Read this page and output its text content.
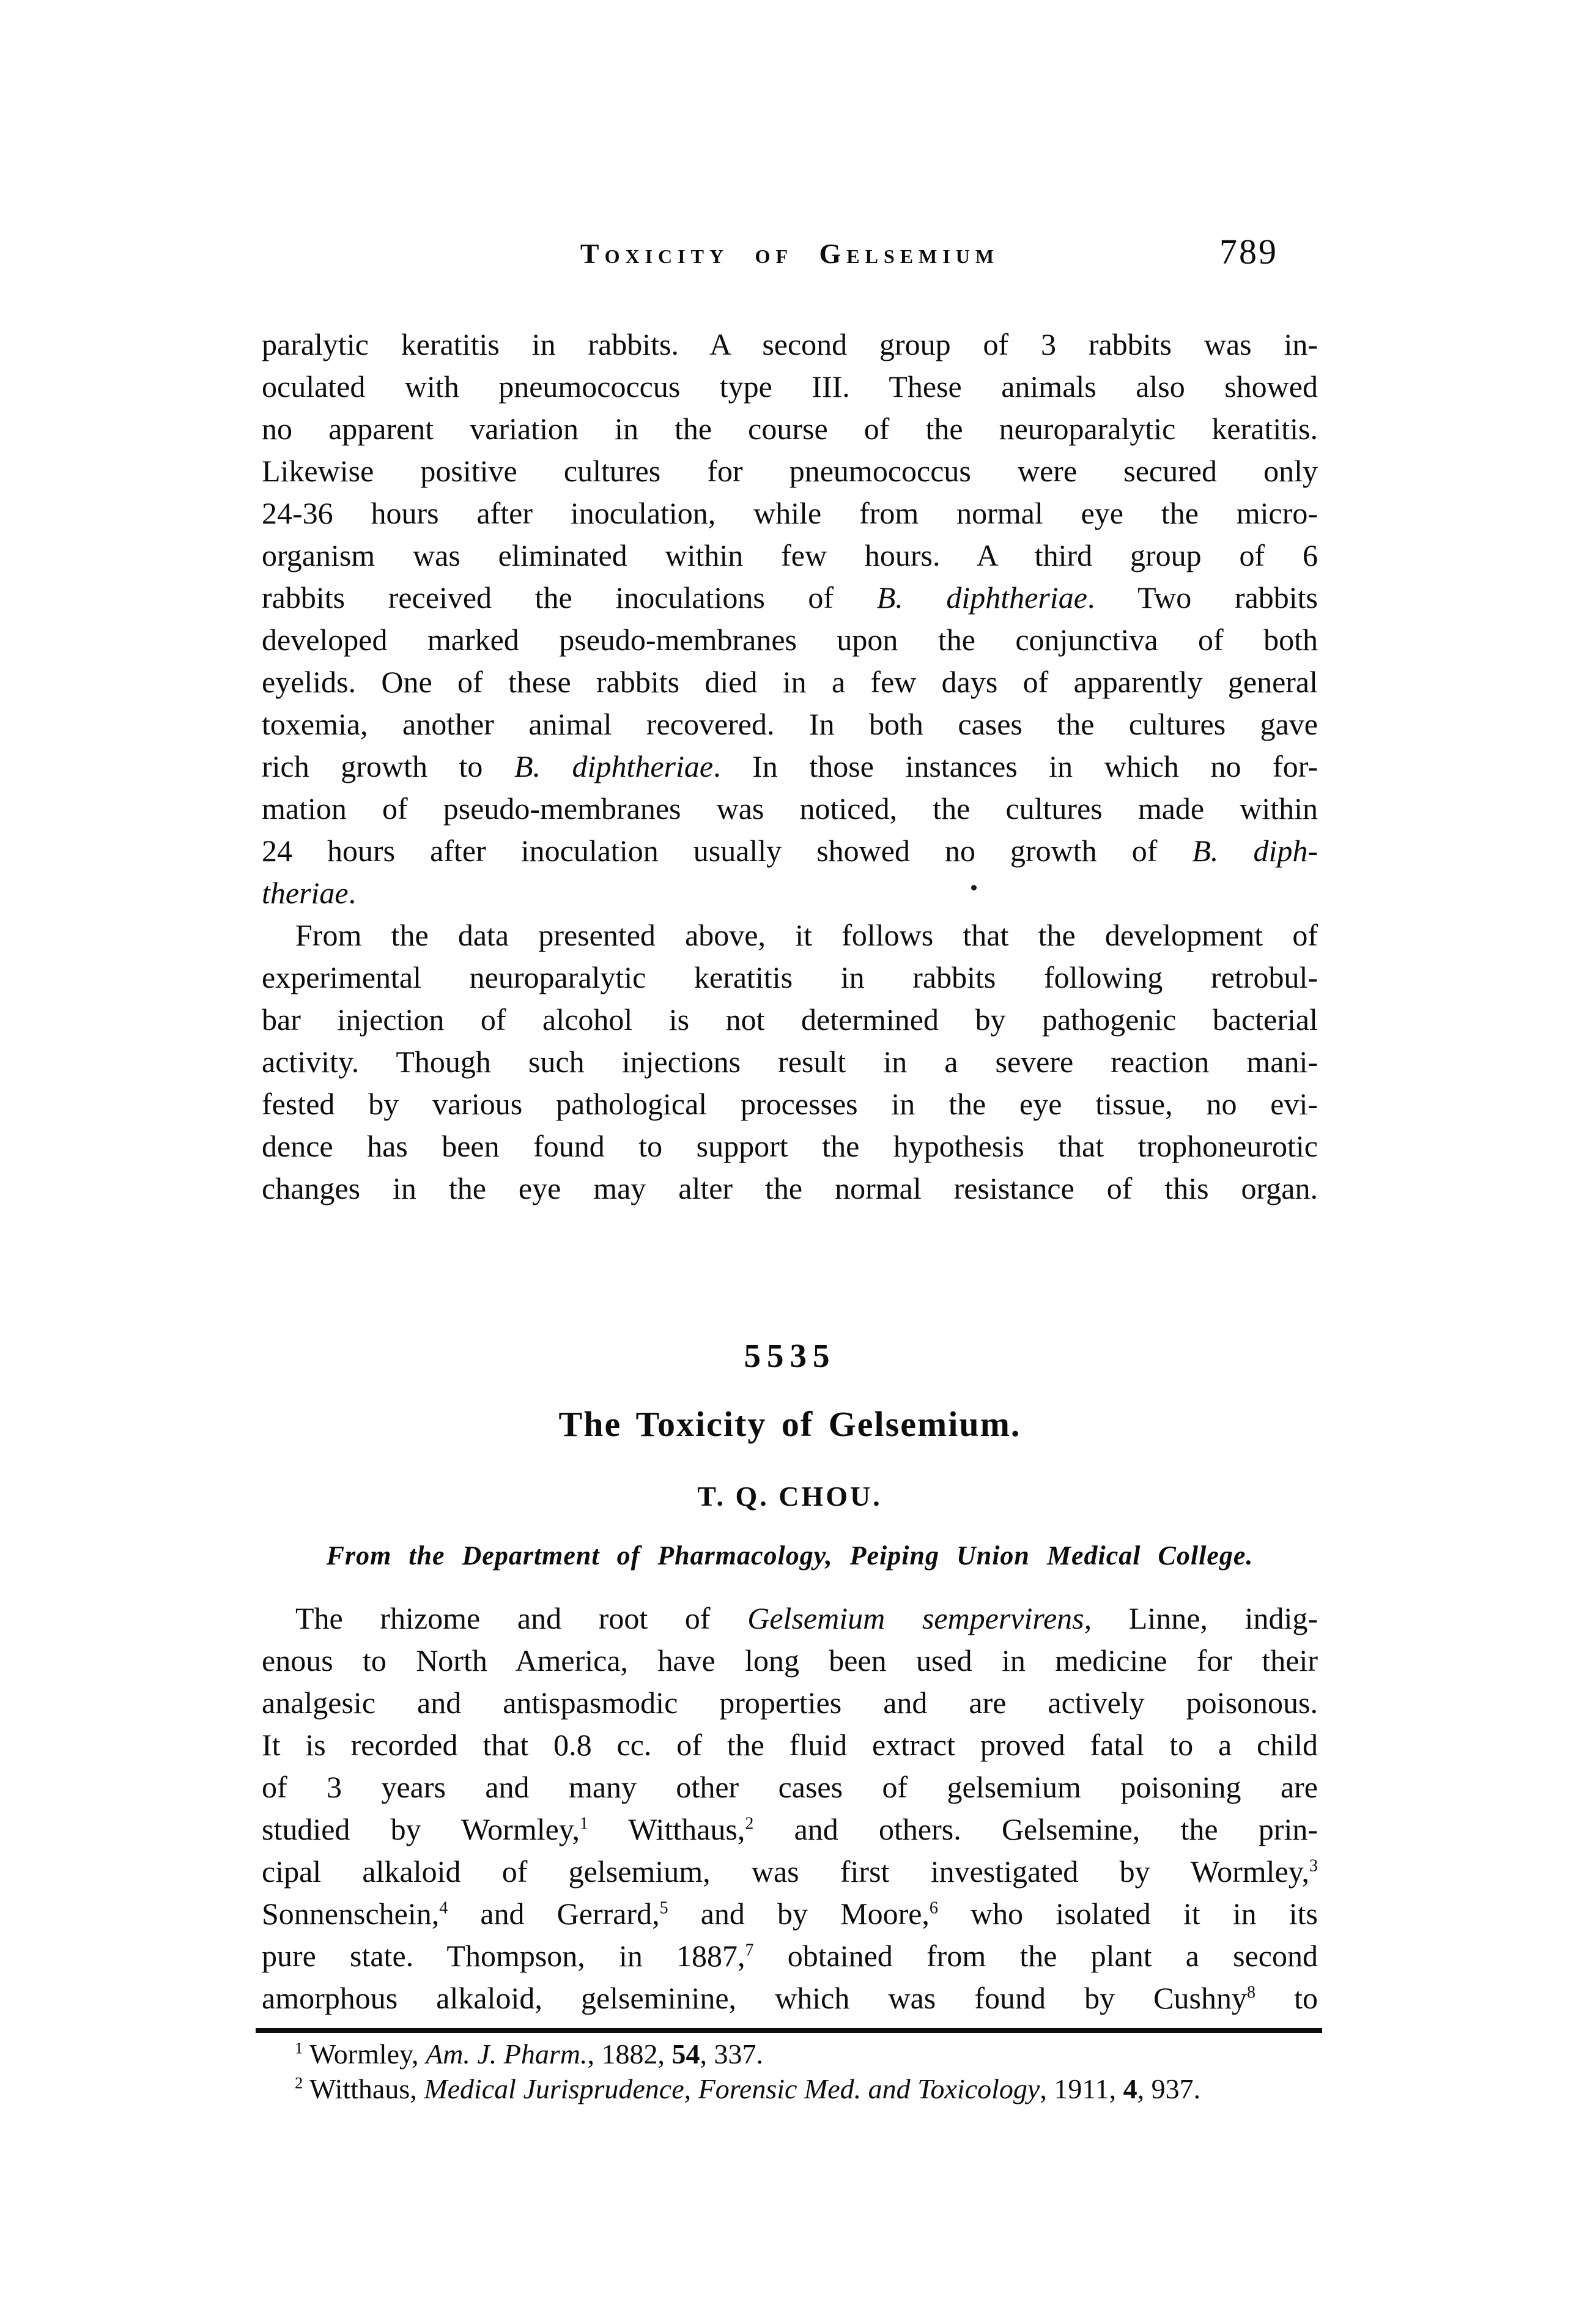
Toxicity of Gelsemium	789
paralytic keratitis in rabbits. A second group of 3 rabbits was in-
oculated with pneumococcus type III. These animals also showed
no apparent variation in the course of the neuroparalytic keratitis.
Likewise positive cultures for pneumococcus were secured only
24-36 hours after inoculation, while from normal eye the micro-
organism was eliminated within few hours. A third group of 6
rabbits received the inoculations of B. diphtheriae. Two rabbits
developed marked pseudo-membranes upon the conjunctiva of both
eyelids. One of these rabbits died in a few days of apparently general
toxemia, another animal recovered. In both cases the cultures gave
rich growth to B. diphtheriae. In those instances in which no for-
mation of pseudo-membranes was noticed, the cultures made within
24 hours after inoculation usually showed no growth of B. diph-
theriae.
From the data presented above, it follows that the development of
experimental neuroparalytic keratitis in rabbits following retrobul-
bar injection of alcohol is not determined by pathogenic bacterial
activity. Though such injections result in a severe reaction mani-
fested by various pathological processes in the eye tissue, no evi-
dence has been found to support the hypothesis that trophoneurotic
changes in the eye may alter the normal resistance of this organ.
5535
The Toxicity of Gelsemium.
T. Q. CHOU.
From the Department of Pharmacology, Peiping Union Medical College.
The rhizome and root of Gelsemium sempervirens, Linne, indig-
enous to North America, have long been used in medicine for their
analgesic and antispasmodic properties and are actively poisonous.
It is recorded that 0.8 cc. of the fluid extract proved fatal to a child
of 3 years and many other cases of gelsemium poisoning are
studied by Wormley,$^1$ Witthaus,$^2$ and others. Gelsemine, the prin-
cipal alkaloid of gelsemium, was first investigated by Wormley,$^3$
Sonnenschein,$^4$ and Gerrard,$^5$ and by Moore,$^6$ who isolated it in its
pure state. Thompson, in 1887,$^7$ obtained from the plant a second
amorphous alkaloid, gelseminine, which was found by Cushny$^8$ to
$^1$ Wormley, Am. J. Pharm., 1882, 54, 337.
$^2$ Witthaus, Medical Jurisprudence, Forensic Med. and Toxicology, 1911, 4, 937.
